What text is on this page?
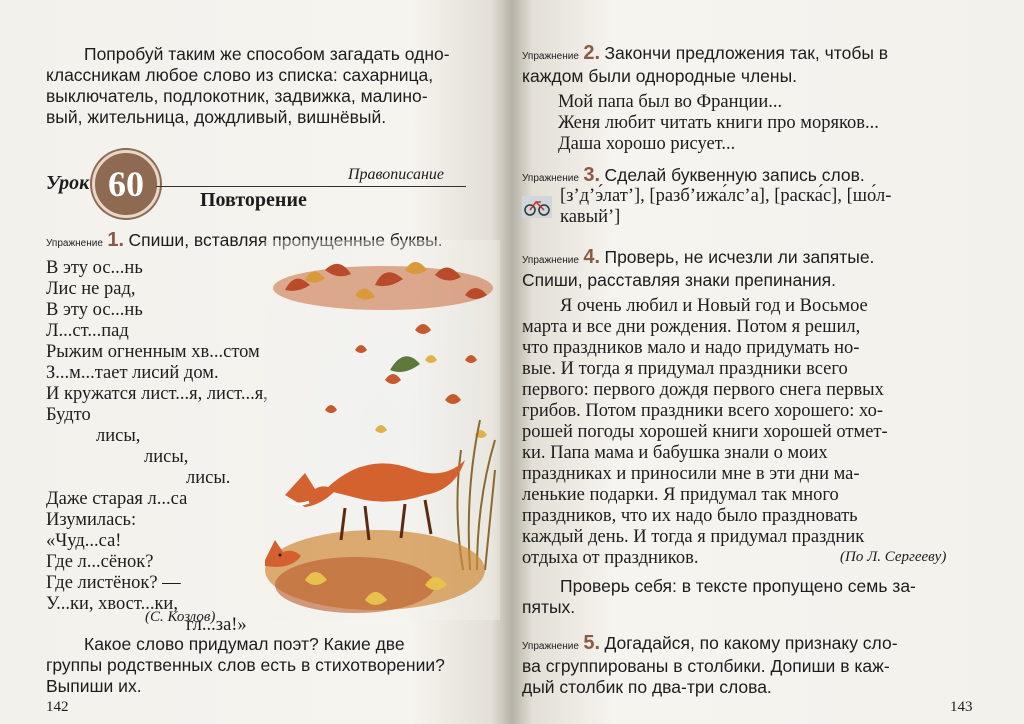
Попробуй таким же способом загадать одно-
классникам любое слово из списка: сахарница,
выключатель, подлокотник, задвижка, малино-
вый, жительница, дождливый, вишнёвый.
Урок 60	Правописание
Повторение
Упражнение 1. Спиши, вставляя пропущенные буквы.
В эту ос...нь
Лис не рад,
В эту ос...нь
Л...ст...пад
Рыжим огненным хв...стом
З...м...тает лисий дом.
И кружатся лист...я, лист...я,
Будто
лисы,
лисы,
лисы.
Даже старая л...са
Изумилась:
«Чуд...са!
Где л...сёнок?
Где листёнок? —
У...ки, хвост...ки,
гл...за!»
(С. Козлов)
Какое слово придумал поэт? Какие две
группы родственных слов есть в стихотворении?
Выпиши их.
142
Упражнение 2. Закончи предложения так, чтобы в
каждом были однородные члены.
Мой папа был во Франции...
Женя любит читать книги про моряков...
Даша хорошо рисует...
Упражнение 3. Сделай буквенную запись слов.
[з’д’э́лат’], [разб’ижа́лс’а], [раска́с], [шо́л-
кавый’]
Упражнение 4. Проверь, не исчезли ли запятые.
Спиши, расставляя знаки препинания.
Я очень любил и Новый год и Восьмое
марта и все дни рождения. Потом я решил,
что праздников мало и надо придумать но-
вые. И тогда я придумал праздники всего
первого: первого дождя первого снега первых
грибов. Потом праздники всего хорошего: хо-
рошей погоды хорошей книги хорошей отмет-
ки. Папа мама и бабушка знали о моих
праздниках и приносили мне в эти дни ма-
ленькие подарки. Я придумал так много
праздников, что их надо было праздновать
каждый день. И тогда я придумал праздник
отдыха от праздников.	(По Л. Сергееву)
Проверь себя: в тексте пропущено семь за-
пятых.
Упражнение 5. Догадайся, по какому признаку сло-
ва сгруппированы в столбики. Допиши в каж-
дый столбик по два-три слова.
143
